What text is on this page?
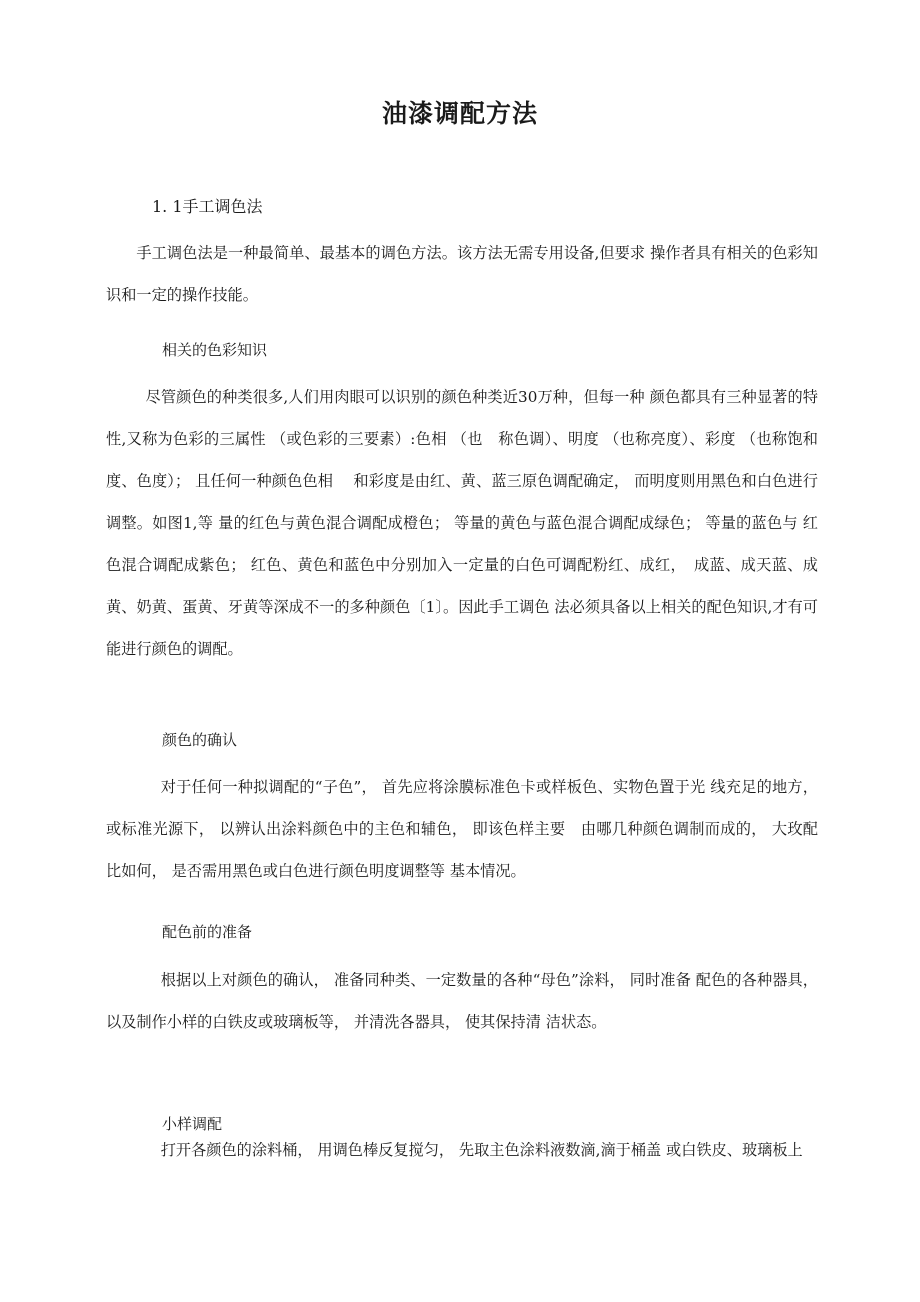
油漆调配方法

1. 1手工调色法

手工调色法是一种最简单、最基本的调色方法。该方法无需专用设备,但要求 操作者具有相关的色彩知识和一定的操作技能。

相关的色彩知识

尽管颜色的种类很多,人们用肉眼可以识别的颜色种类近30万种，但每一种 颜色都具有三种显著的特性,又称为色彩的三属性 （或色彩的三要素）:色相 （也　称色调）、明度 （也称亮度）、彩度 （也称饱和度、色度）； 且任何一种颜色色相　 和彩度是由红、黄、蓝三原色调配确定， 而明度则用黑色和白色进行调整。如图1,等 量的红色与黄色混合调配成橙色； 等量的黄色与蓝色混合调配成绿色； 等量的蓝色与 红色混合调配成紫色； 红色、黄色和蓝色中分别加入一定量的白色可调配粉红、成红，　成蓝、成天蓝、成黄、奶黄、蛋黄、牙黄等深成不一的多种颜色〔1〕。因此手工调色 法必须具备以上相关的配色知识,才有可能进行颜色的调配。

颜色的确认

对于任何一种拟调配的“子色”， 首先应将涂膜标准色卡或样板色、实物色置于光 线充足的地方，或标准光源下， 以辨认出涂料颜色中的主色和辅色， 即该色样主要　由哪几种颜色调制而成的， 大玫配比如何， 是否需用黑色或白色进行颜色明度调整等 基本情况。

配色前的准备

根据以上对颜色的确认， 准备同种类、一定数量的各种“母色”涂料， 同时准备 配色的各种器具， 以及制作小样的白铁皮或玻璃板等， 并清洗各器具， 使其保持清 洁状态。

小样调配

打开各颜色的涂料桶， 用调色棒反复搅匀， 先取主色涂料液数滴,滴于桶盖 或白铁皮、玻璃板上
